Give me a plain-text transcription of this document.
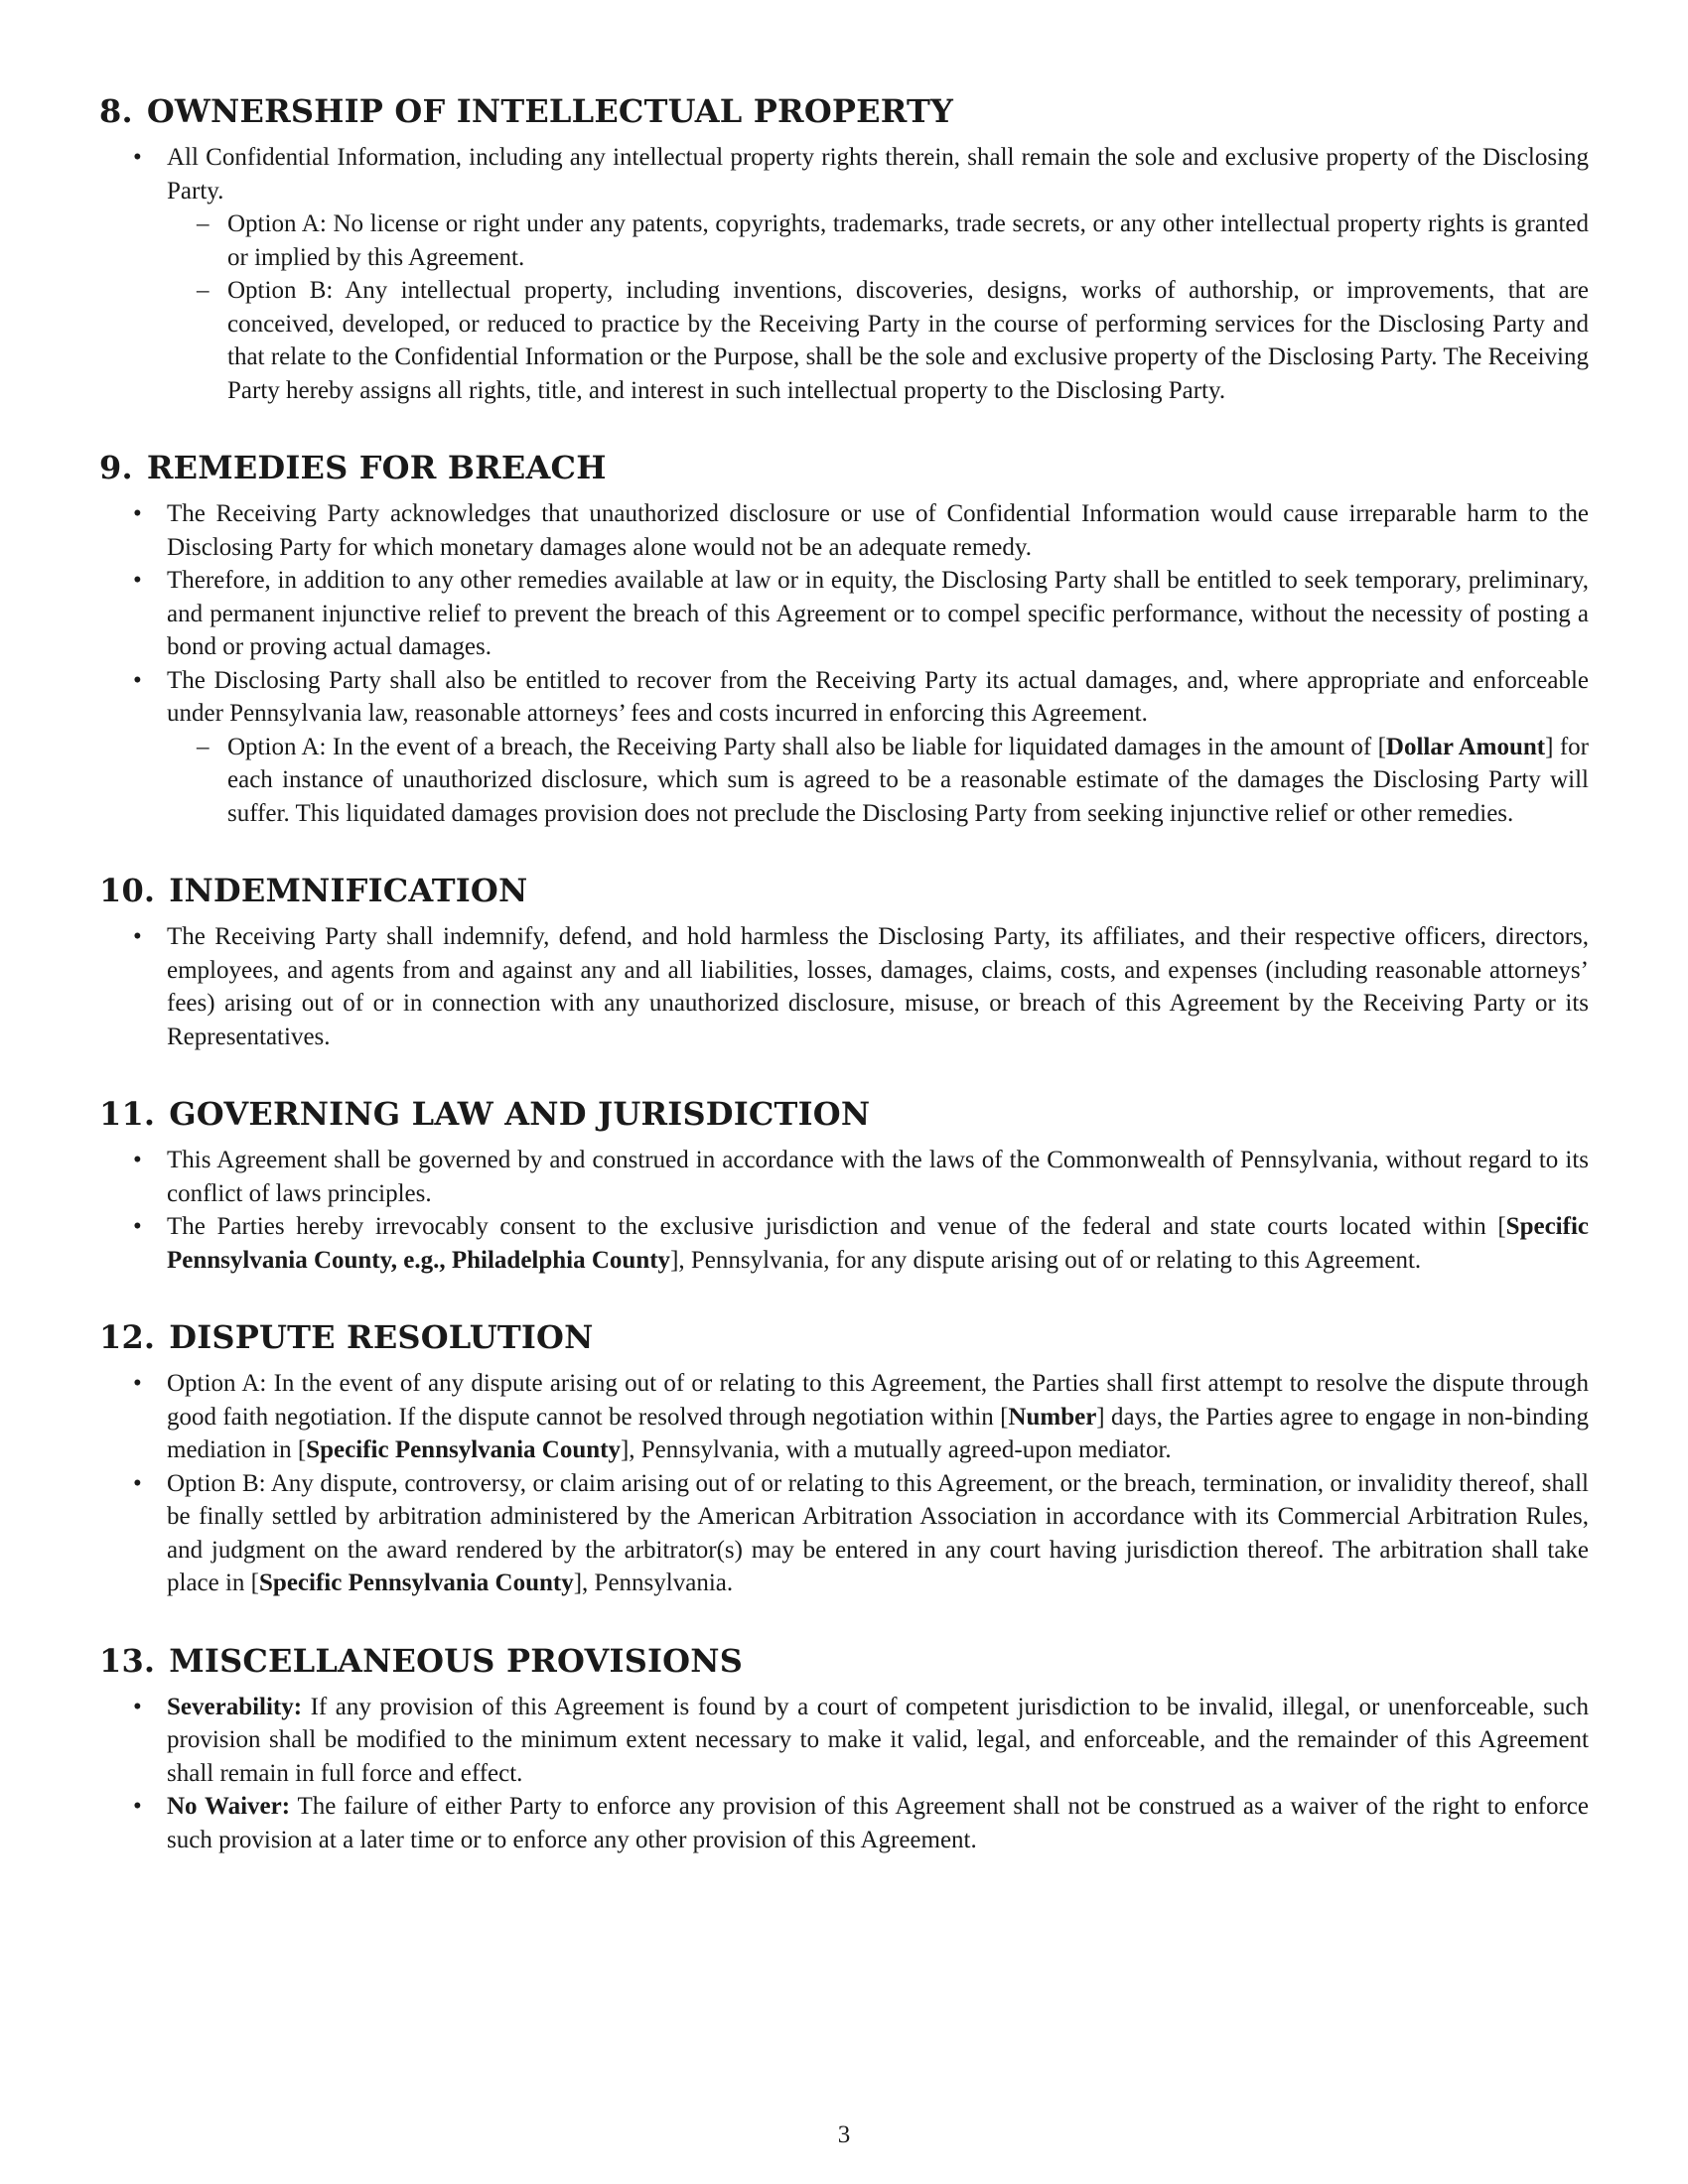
8. OWNERSHIP OF INTELLECTUAL PROPERTY
• All Confidential Information, including any intellectual property rights therein, shall remain the sole and exclusive property of the Disclosing Party.
– Option A: No license or right under any patents, copyrights, trademarks, trade secrets, or any other intellectual property rights is granted or implied by this Agreement.
– Option B: Any intellectual property, including inventions, discoveries, designs, works of authorship, or improvements, that are conceived, developed, or reduced to practice by the Receiving Party in the course of performing services for the Disclosing Party and that relate to the Confidential Information or the Purpose, shall be the sole and exclusive property of the Disclosing Party. The Receiving Party hereby assigns all rights, title, and interest in such intellectual property to the Disclosing Party.
9. REMEDIES FOR BREACH
• The Receiving Party acknowledges that unauthorized disclosure or use of Confidential Information would cause irreparable harm to the Disclosing Party for which monetary damages alone would not be an adequate remedy.
• Therefore, in addition to any other remedies available at law or in equity, the Disclosing Party shall be entitled to seek temporary, preliminary, and permanent injunctive relief to prevent the breach of this Agreement or to compel specific performance, without the necessity of posting a bond or proving actual damages.
• The Disclosing Party shall also be entitled to recover from the Receiving Party its actual damages, and, where appropriate and enforceable under Pennsylvania law, reasonable attorneys’ fees and costs incurred in enforcing this Agreement.
– Option A: In the event of a breach, the Receiving Party shall also be liable for liquidated damages in the amount of [Dollar Amount] for each instance of unauthorized disclosure, which sum is agreed to be a reasonable estimate of the damages the Disclosing Party will suffer. This liquidated damages provision does not preclude the Disclosing Party from seeking injunctive relief or other remedies.
10. INDEMNIFICATION
• The Receiving Party shall indemnify, defend, and hold harmless the Disclosing Party, its affiliates, and their respective officers, directors, employees, and agents from and against any and all liabilities, losses, damages, claims, costs, and expenses (including reasonable attorneys’ fees) arising out of or in connection with any unauthorized disclosure, misuse, or breach of this Agreement by the Receiving Party or its Representatives.
11. GOVERNING LAW AND JURISDICTION
• This Agreement shall be governed by and construed in accordance with the laws of the Commonwealth of Pennsylvania, without regard to its conflict of laws principles.
• The Parties hereby irrevocably consent to the exclusive jurisdiction and venue of the federal and state courts located within [Specific Pennsylvania County, e.g., Philadelphia County], Pennsylvania, for any dispute arising out of or relating to this Agreement.
12. DISPUTE RESOLUTION
• Option A: In the event of any dispute arising out of or relating to this Agreement, the Parties shall first attempt to resolve the dispute through good faith negotiation. If the dispute cannot be resolved through negotiation within [Number] days, the Parties agree to engage in non-binding mediation in [Specific Pennsylvania County], Pennsylvania, with a mutually agreed-upon mediator.
• Option B: Any dispute, controversy, or claim arising out of or relating to this Agreement, or the breach, termination, or invalidity thereof, shall be finally settled by arbitration administered by the American Arbitration Association in accordance with its Commercial Arbitration Rules, and judgment on the award rendered by the arbitrator(s) may be entered in any court having jurisdiction thereof. The arbitration shall take place in [Specific Pennsylvania County], Pennsylvania.
13. MISCELLANEOUS PROVISIONS
• Severability: If any provision of this Agreement is found by a court of competent jurisdiction to be invalid, illegal, or unenforceable, such provision shall be modified to the minimum extent necessary to make it valid, legal, and enforceable, and the remainder of this Agreement shall remain in full force and effect.
• No Waiver: The failure of either Party to enforce any provision of this Agreement shall not be construed as a waiver of the right to enforce such provision at a later time or to enforce any other provision of this Agreement.
3
